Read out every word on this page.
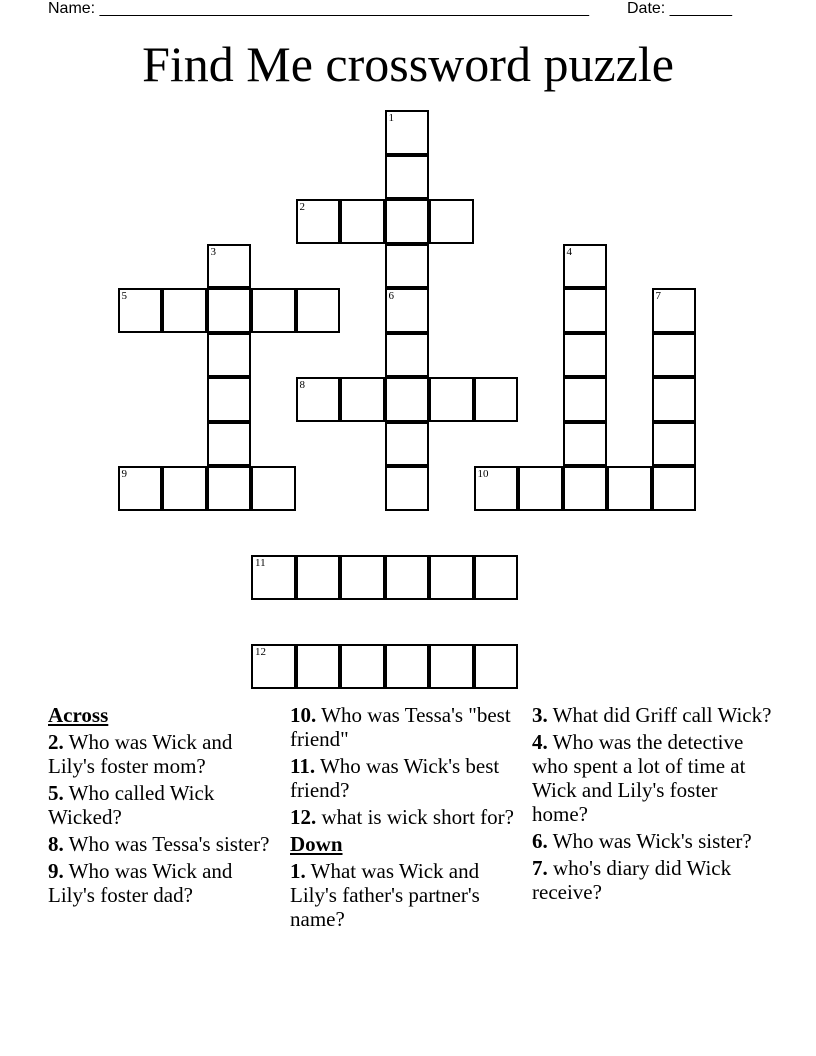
Name: _______________________________________________________ Date: _______
Find Me crossword puzzle
1
6
2
3	4
5	7
8
9	10
11
12

Across

2. Who was Wick and Lily's foster mom?

5. Who called Wick Wicked?

8. Who was Tessa's sister?

9. Who was Wick and Lily's foster dad?

10. Who was Tessa's "best friend"

11. Who was Wick's best friend?

12. what is wick short for?

Down

1. What was Wick and Lily's father's partner's name?

3. What did Griff call Wick?

4. Who was the detective who spent a lot of time at Wick and Lily's foster home?

6. Who was Wick's sister?

7. who's diary did Wick receive?
